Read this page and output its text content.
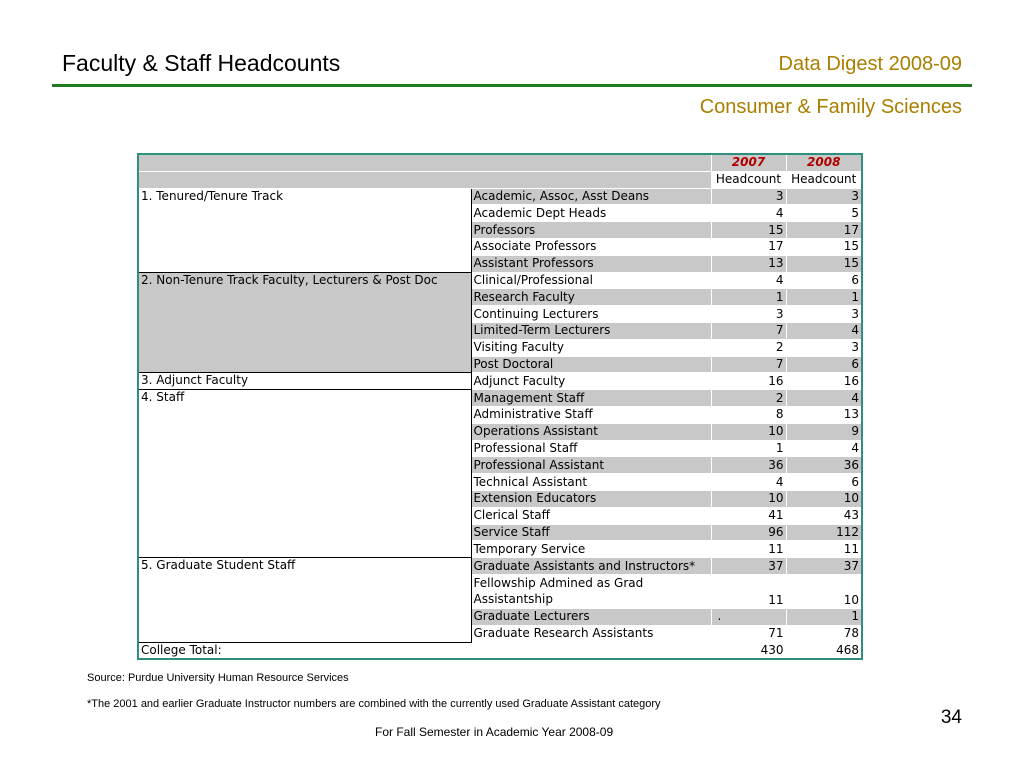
Faculty & Staff Headcounts	Data Digest 2008-09
Consumer & Family Sciences
		2007	2008
		Headcount	Headcount
1. Tenured/Tenure Track	Academic, Assoc, Asst Deans	3	3
	Academic Dept Heads	4	5
	Professors	15	17
	Associate Professors	17	15
	Assistant Professors	13	15
2. Non-Tenure Track Faculty, Lecturers & Post Doc	Clinical/Professional	4	6
	Research Faculty	1	1
	Continuing Lecturers	3	3
	Limited-Term Lecturers	7	4
	Visiting Faculty	2	3
	Post Doctoral	7	6
3. Adjunct Faculty	Adjunct Faculty	16	16
4. Staff	Management Staff	2	4
	Administrative Staff	8	13
	Operations Assistant	10	9
	Professional Staff	1	4
	Professional Assistant	36	36
	Technical Assistant	4	6
	Extension Educators	10	10
	Clerical Staff	41	43
	Service Staff	96	112
	Temporary Service	11	11
5. Graduate Student Staff	Graduate Assistants and Instructors*	37	37
	Fellowship Admined as Grad Assistantship	11	10
	Graduate Lecturers	.	1
	Graduate Research Assistants	71	78
College Total:		430	468
Source: Purdue University Human Resource Services
*The 2001 and earlier Graduate Instructor numbers are combined with the currently used Graduate Assistant category
For Fall Semester in Academic Year 2008-09
34
